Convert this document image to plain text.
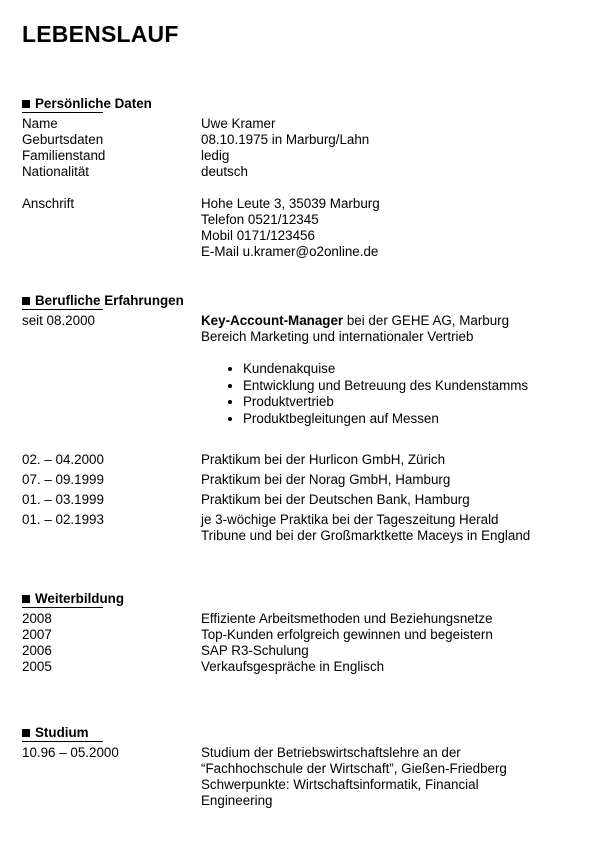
LEBENSLAUF
Persönliche Daten
Name	Uwe Kramer
Geburtsdaten	08.10.1975 in Marburg/Lahn
Familienstand	ledig
Nationalität	deutsch
Anschrift	Hohe Leute 3, 35039 Marburg
Telefon 0521/12345
Mobil 0171/123456
E-Mail u.kramer@o2online.de
Berufliche Erfahrungen
seit 08.2000	Key-Account-Manager bei der GEHE AG, Marburg
Bereich Marketing und internationaler Vertrieb
• Kundenakquise
• Entwicklung und Betreuung des Kundenstamms
• Produktvertrieb
• Produktbegleitungen auf Messen
02. – 04.2000	Praktikum bei der Hurlicon GmbH, Zürich
07. – 09.1999	Praktikum bei der Norag GmbH, Hamburg
01. – 03.1999	Praktikum bei der Deutschen Bank, Hamburg
01. – 02.1993	je 3-wöchige Praktika bei der Tageszeitung Herald
Tribune und bei der Großmarktkette Maceys in England
Weiterbildung
2008	Effiziente Arbeitsmethoden und Beziehungsnetze
2007	Top-Kunden erfolgreich gewinnen und begeistern
2006	SAP R3-Schulung
2005	Verkaufsgespräche in Englisch
Studium
10.96 – 05.2000	Studium der Betriebswirtschaftslehre an der
“Fachhochschule der Wirtschaft”, Gießen-Friedberg
Schwerpunkte: Wirtschaftsinformatik, Financial
Engineering
